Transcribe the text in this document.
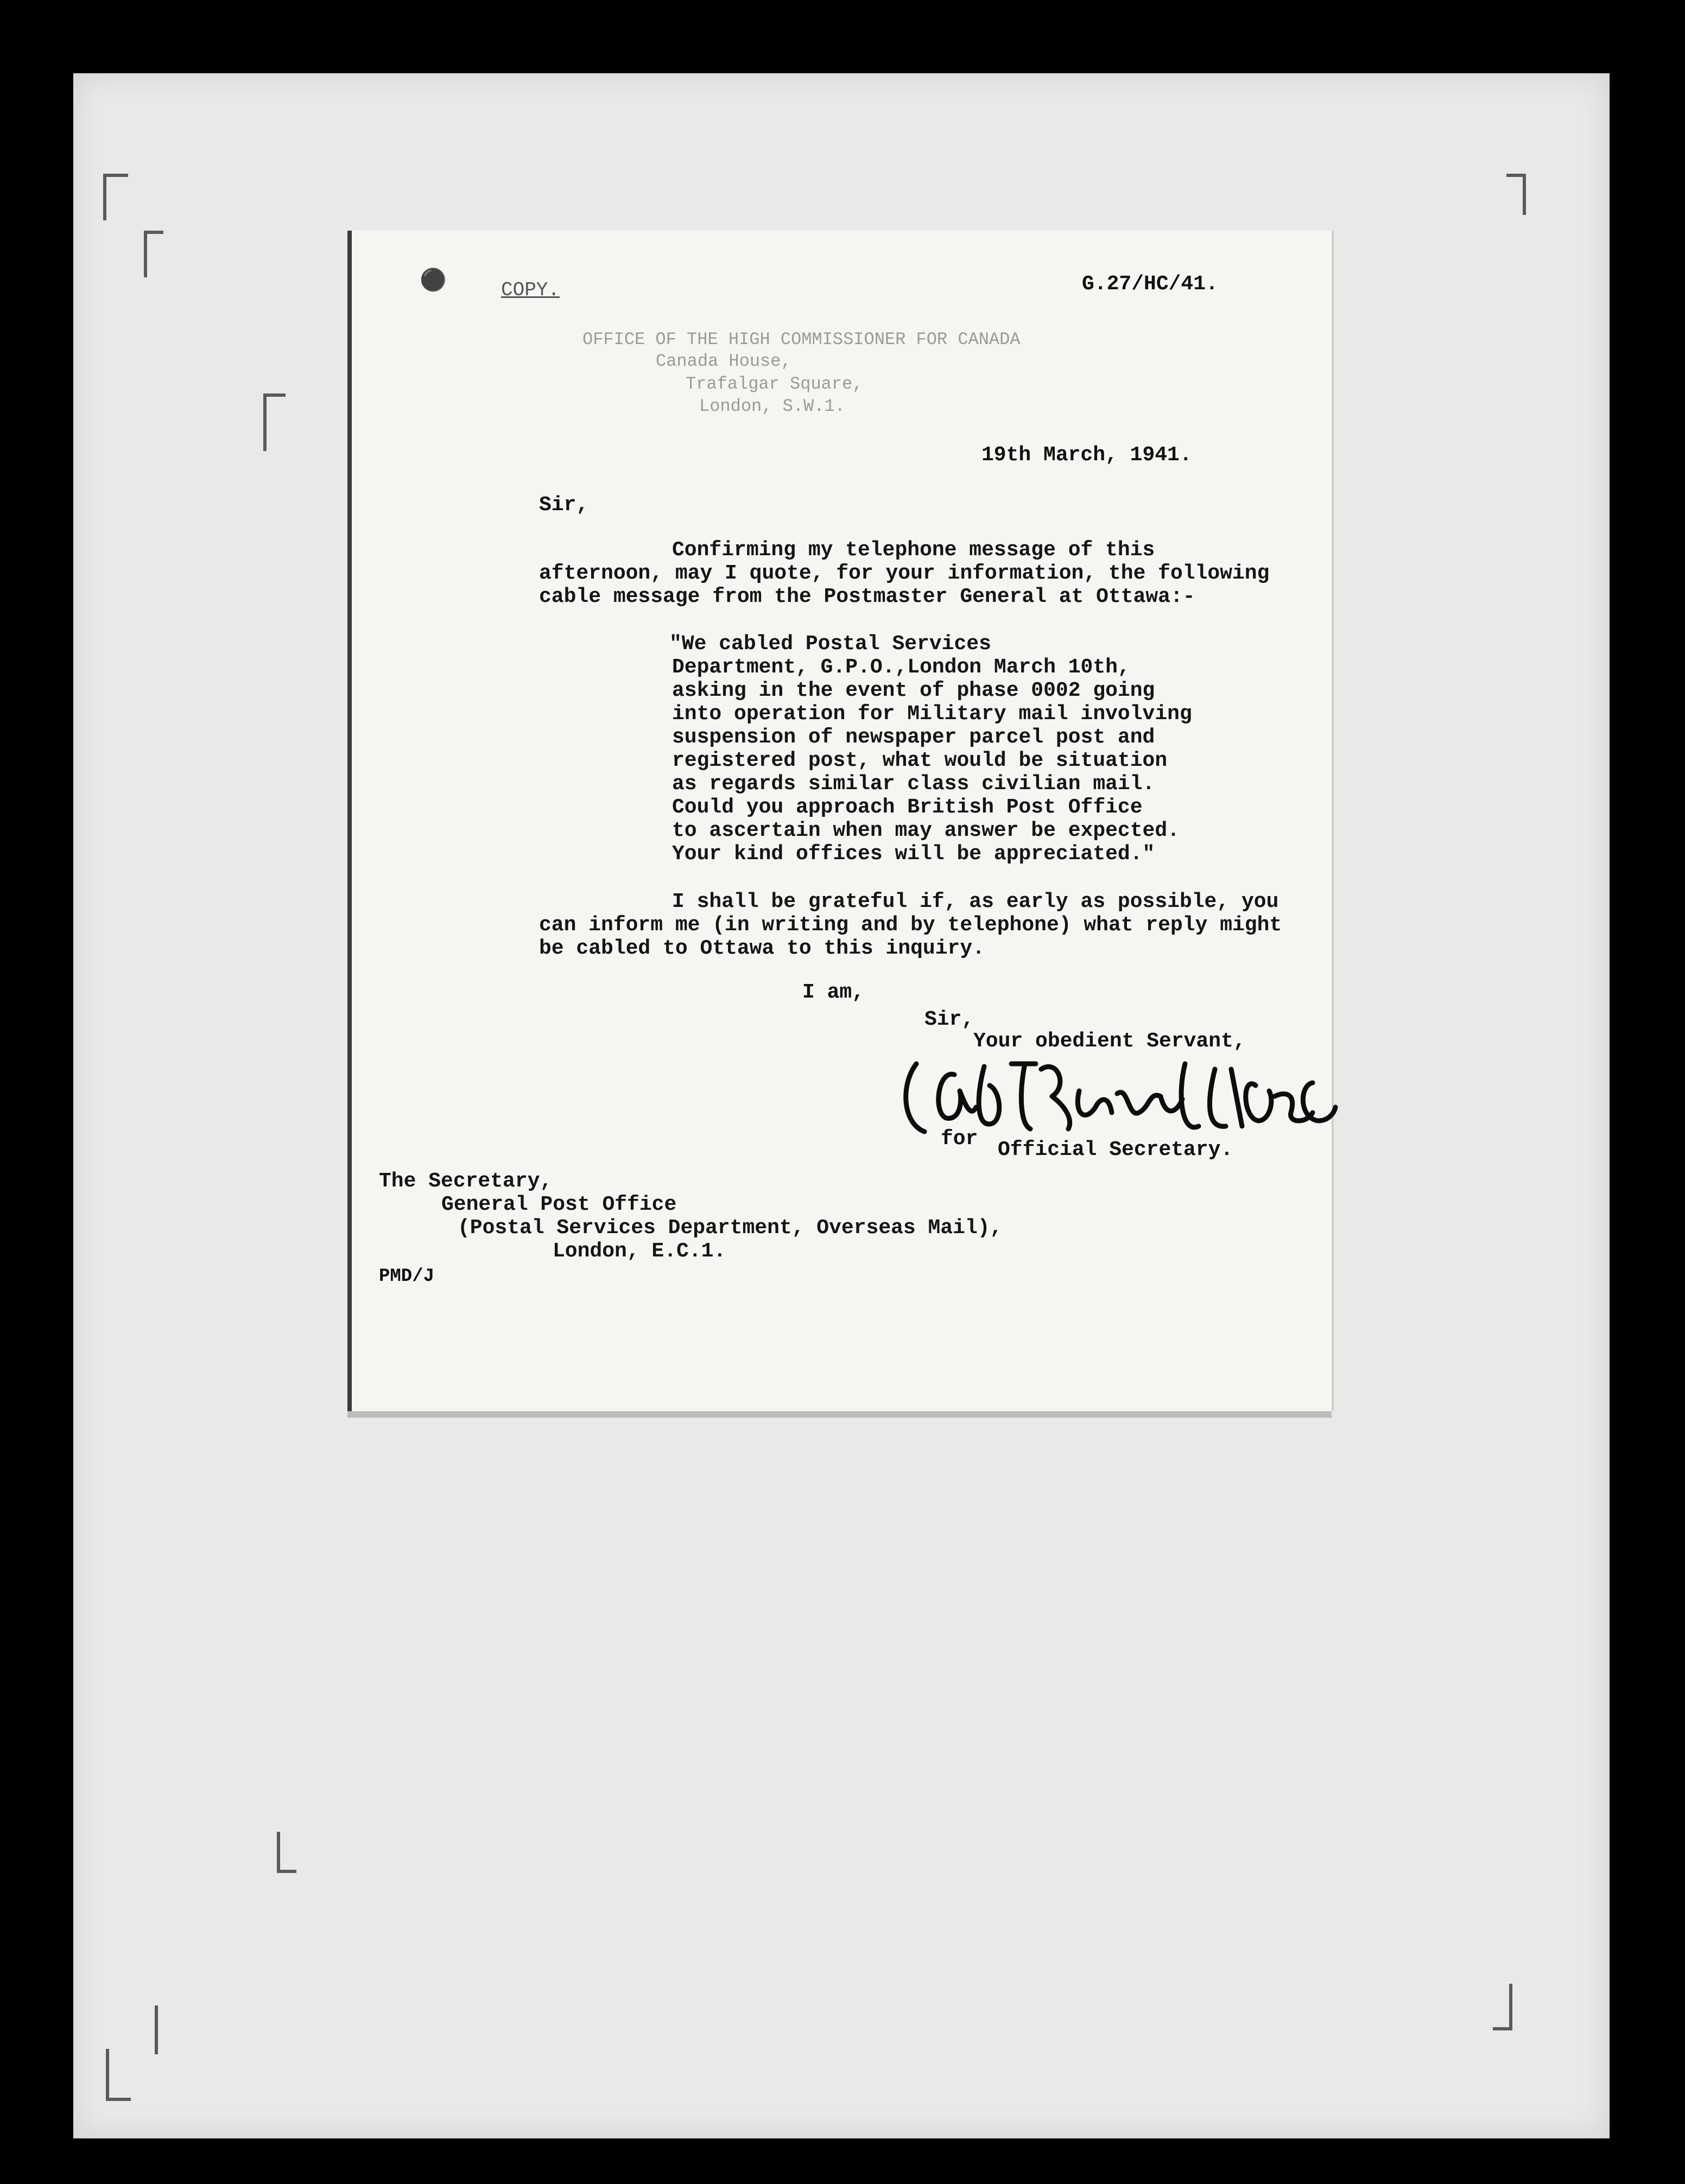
⚫	COPY.	G.27/HC/41.
OFFICE OF THE HIGH COMMISSIONER FOR CANADA
Canada House,
Trafalgar Square,
London, S.W.1.
19th March, 1941.
Sir,
Confirming my telephone message of this
afternoon, may I quote, for your information, the following
cable message from the Postmaster General at Ottawa:-
"We cabled Postal Services
Department, G.P.O.,London March 10th,
asking in the event of phase 0002 going
into operation for Military mail involving
suspension of newspaper parcel post and
registered post, what would be situation
as regards similar class civilian mail.
Could you approach British Post Office
to ascertain when may answer be expected.
Your kind offices will be appreciated."
I shall be grateful if, as early as possible, you
can inform me (in writing and by telephone) what reply might
be cabled to Ottawa to this inquiry.
I am,
Sir,
Your obedient Servant,
for Official Secretary.
The Secretary,
General Post Office
(Postal Services Department, Overseas Mail),
London, E.C.1.
PMD/J
